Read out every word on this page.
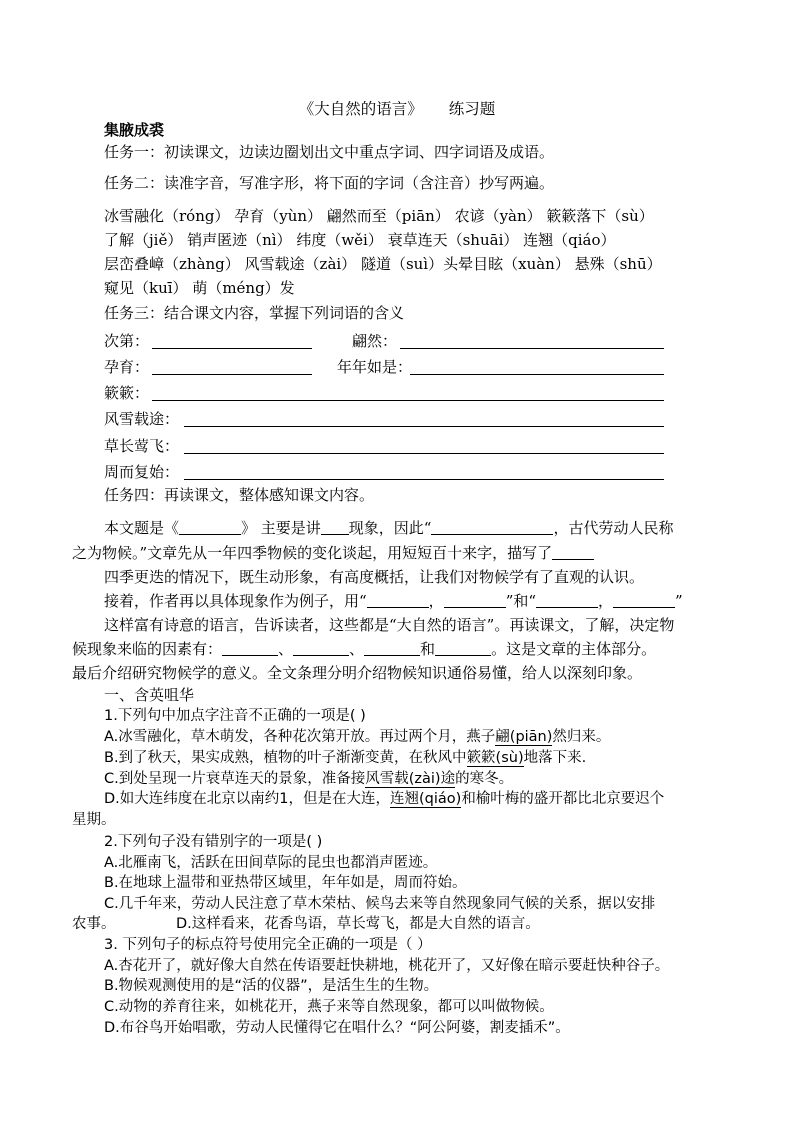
《大自然的语言》 练习题
集腋成裘
任务一：初读课文，边读边圈划出文中重点字词、四字词语及成语。
任务二：读准字音，写准字形，将下面的字词（含注音）抄写两遍。
冰雪融化（róng） 孕育（yùn） 翩然而至（piān） 农谚（yàn） 簌簌落下（sù）
了解（jiě） 销声匿迹（nì） 纬度（wěi） 衰草连天（shuāi） 连翘（qiáo）
层峦叠嶂（zhàng） 风雪载途（zài） 隧道（suì）头晕目眩（xuàn） 悬殊（shū）
窥见（kuī） 萌（méng）发
任务三：结合课文内容，掌握下列词语的含义
次第：	翩然：
孕育：	年年如是：
簌簌：
风雪载途：
草长莺飞：
周而复始：
任务四：再读课文，整体感知课文内容。
本文题是《	》 主要是讲 现象，因此“	，古代劳动人民称
之为物候。”文章先从一年四季物候的变化谈起，用短短百十来字，描写了
四季更迭的情况下，既生动形象，有高度概括，让我们对物候学有了直观的认识。
接着，作者再以具体现象作为例子，用“	，	”和“	，	”
这样富有诗意的语言，告诉读者，这些都是“大自然的语言”。再读课文，了解，决定物
候现象来临的因素有：	、	、	和	。这是文章的主体部分。
最后介绍研究物候学的意义。全文条理分明介绍物候知识通俗易懂，给人以深刻印象。
一、含英咀华
1.下列句中加点字注音不正确的一项是( )
A.冰雪融化，草木萌发，各种花次第开放。再过两个月，燕子翩(piān)然归来。
B.到了秋天，果实成熟，植物的叶子渐渐变黄，在秋风中簌簌(sù)地落下来.
C.到处呈现一片衰草连天的景象，准备接风雪载(zài)途的寒冬。
D.如大连纬度在北京以南约1，但是在大连，连翘(qiáo)和榆叶梅的盛开都比北京要迟个
星期。
2.下列句子没有错别字的一项是( )
A.北雁南飞，活跃在田间草际的昆虫也都消声匿迹。
B.在地球上温带和亚热带区域里，年年如是，周而符始。
C.几千年来，劳动人民注意了草木荣枯、候鸟去来等自然现象同气候的关系，据以安排
农事。	D.这样看来，花香鸟语，草长莺飞，都是大自然的语言。
3. 下列句子的标点符号使用完全正确的一项是（ ）
A.杏花开了，就好像大自然在传语要赶快耕地，桃花开了，又好像在暗示要赶快种谷子。
B.物候观测使用的是“活的仪器”，是活生生的生物。
C.动物的养育往来，如桃花开，燕子来等自然现象，都可以叫做物候。
D.布谷鸟开始唱歌，劳动人民懂得它在唱什么？“阿公阿婆，割麦插禾”。
